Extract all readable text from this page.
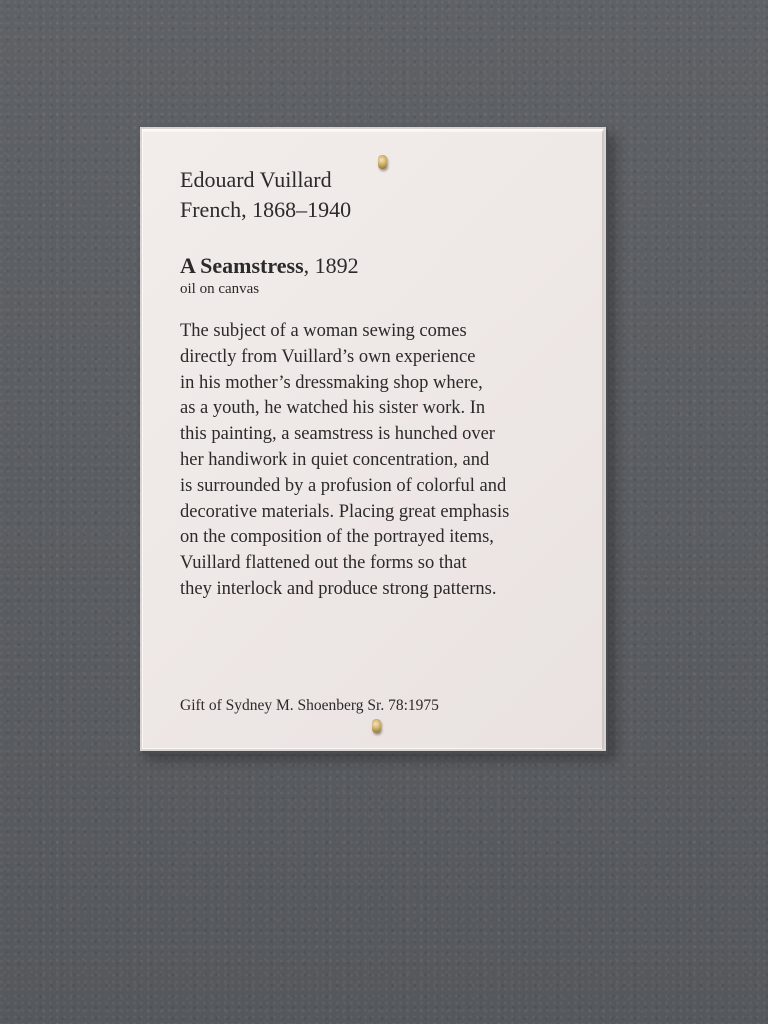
Edouard Vuillard
French, 1868–1940
A Seamstress, 1892
oil on canvas
The subject of a woman sewing comes
directly from Vuillard’s own experience
in his mother’s dressmaking shop where,
as a youth, he watched his sister work. In
this painting, a seamstress is hunched over
her handiwork in quiet concentration, and
is surrounded by a profusion of colorful and
decorative materials. Placing great emphasis
on the composition of the portrayed items,
Vuillard flattened out the forms so that
they interlock and produce strong patterns.
Gift of Sydney M. Shoenberg Sr. 78:1975
